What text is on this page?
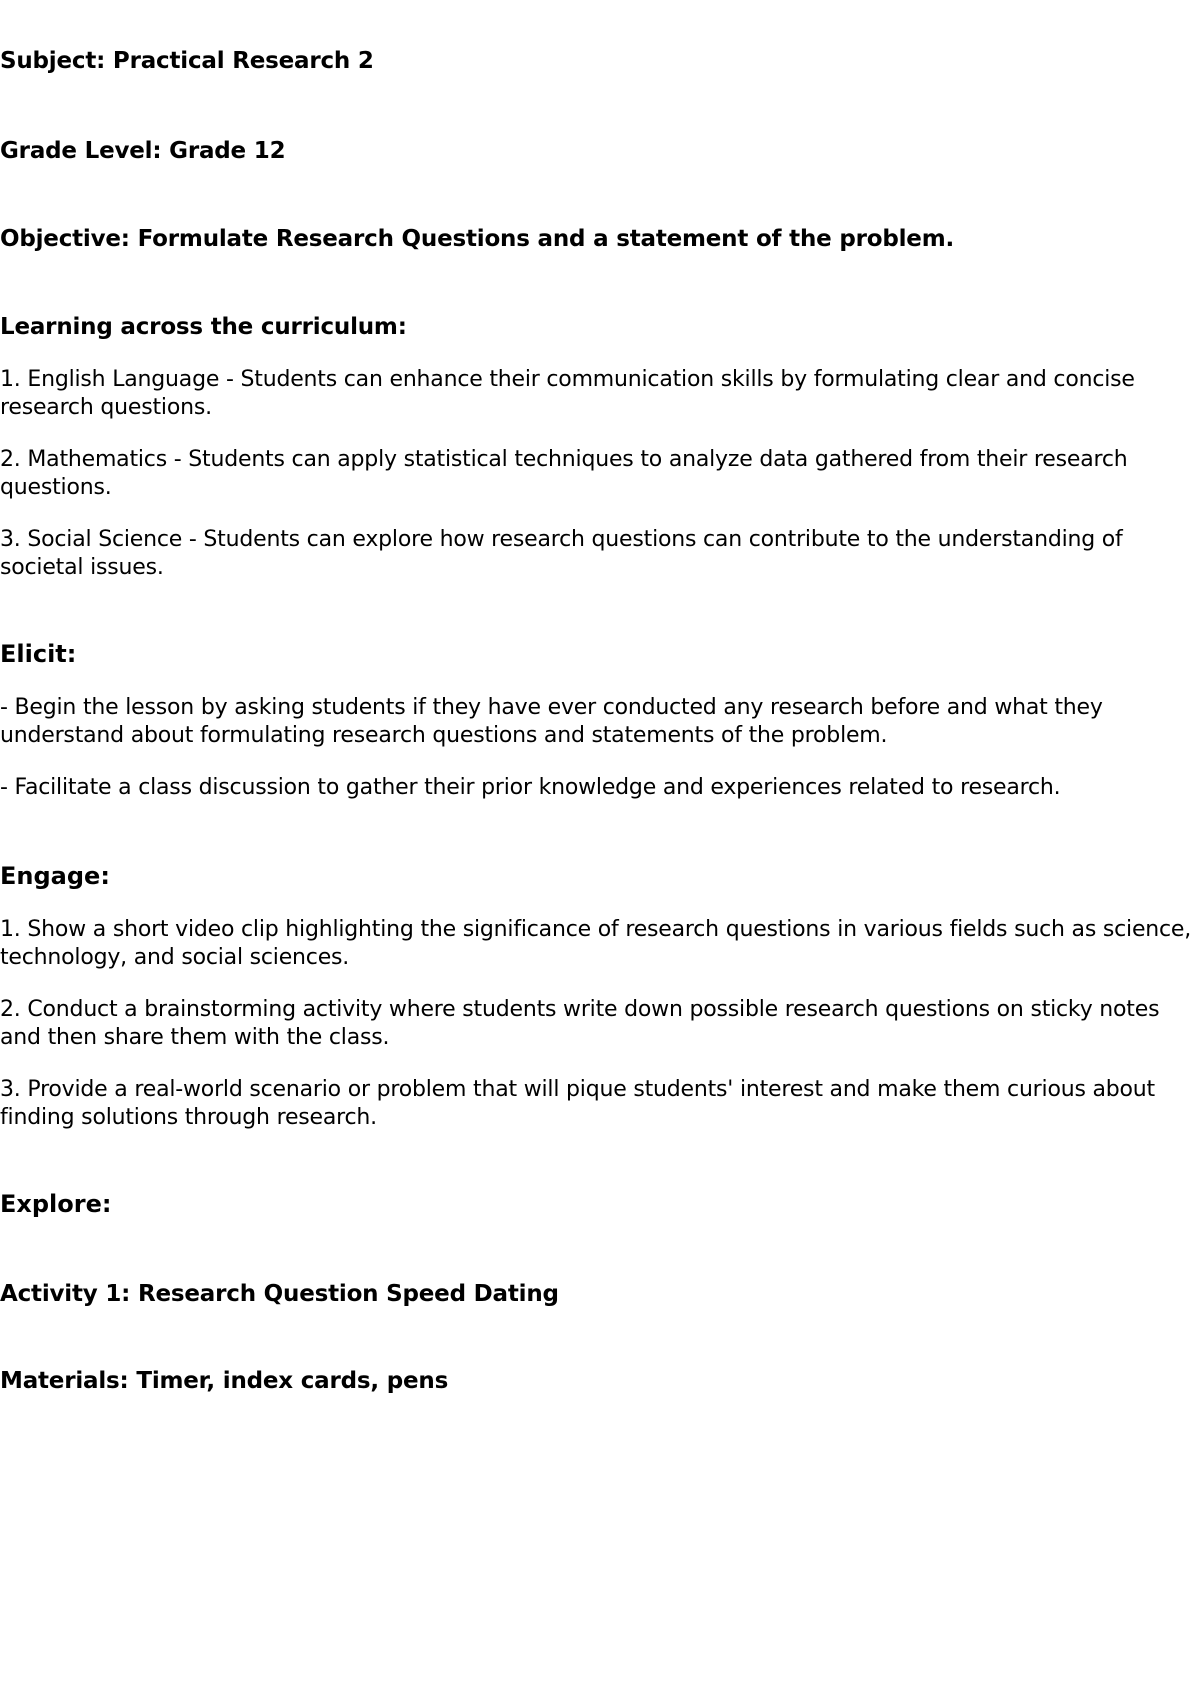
Subject: Practical Research 2

Grade Level: Grade 12

Objective: Formulate Research Questions and a statement of the problem.

Learning across the curriculum:

1. English Language - Students can enhance their communication skills by formulating clear and concise research questions.

2. Mathematics - Students can apply statistical techniques to analyze data gathered from their research questions.

3. Social Science - Students can explore how research questions can contribute to the understanding of societal issues.

Elicit:

- Begin the lesson by asking students if they have ever conducted any research before and what they understand about formulating research questions and statements of the problem.

- Facilitate a class discussion to gather their prior knowledge and experiences related to research.

Engage:

1. Show a short video clip highlighting the significance of research questions in various fields such as science, technology, and social sciences.

2. Conduct a brainstorming activity where students write down possible research questions on sticky notes and then share them with the class.

3. Provide a real-world scenario or problem that will pique students' interest and make them curious about finding solutions through research.

Explore:

Activity 1: Research Question Speed Dating

Materials: Timer, index cards, pens
